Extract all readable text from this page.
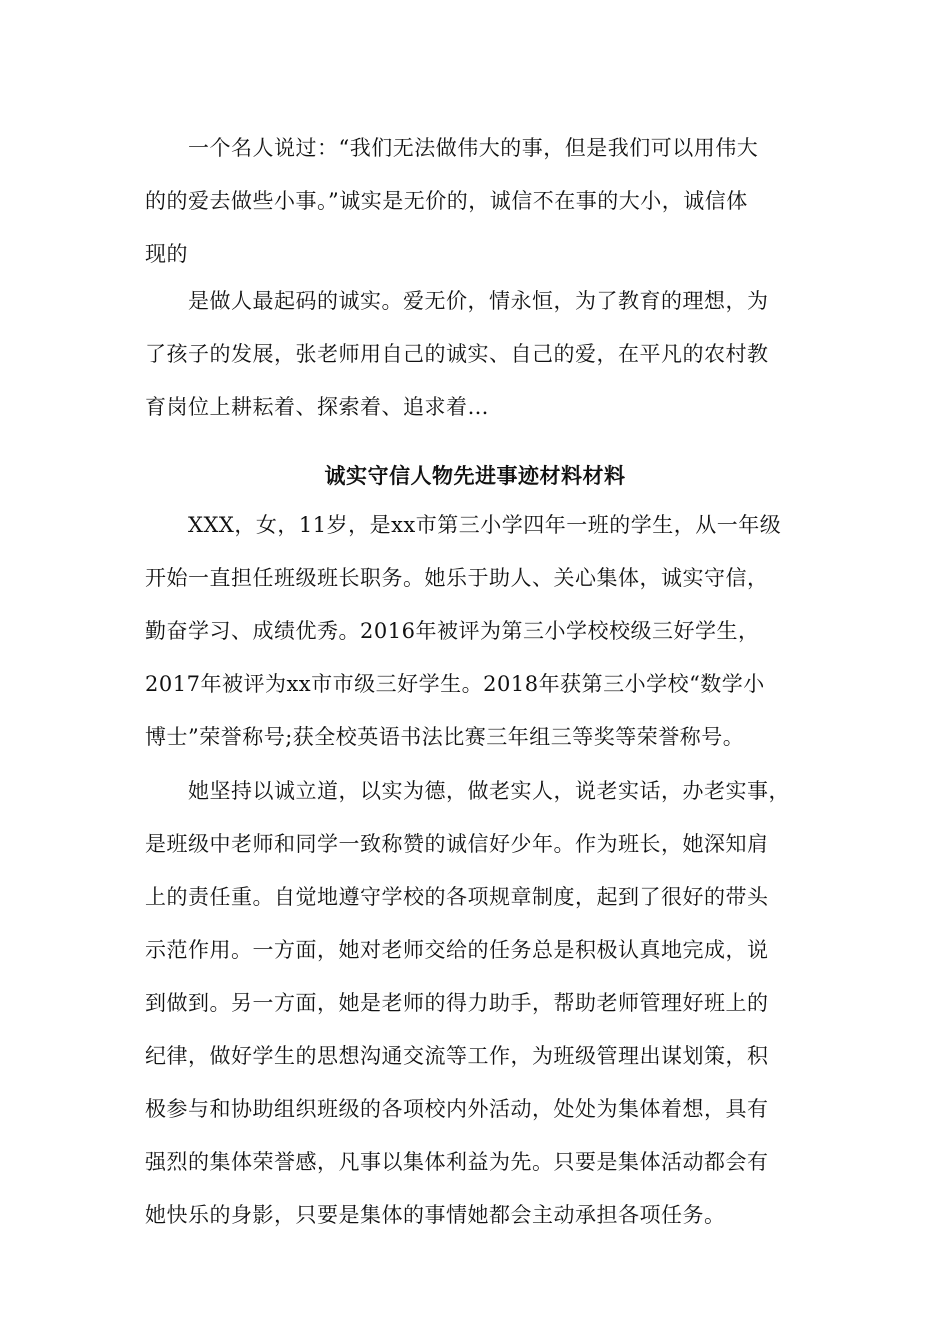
一个名人说过：“我们无法做伟大的事，但是我们可以用伟大
的的爱去做些小事。”诚实是无价的，诚信不在事的大小，诚信体
现的
是做人最起码的诚实。爱无价，情永恒，为了教育的理想，为
了孩子的发展，张老师用自己的诚实、自己的爱，在平凡的农村教
育岗位上耕耘着、探索着、追求着…
诚实守信人物先进事迹材料材料
XXX，女，11岁，是xx市第三小学四年一班的学生，从一年级
开始一直担任班级班长职务。她乐于助人、关心集体，诚实守信，
勤奋学习、成绩优秀。2016年被评为第三小学校校级三好学生，
2017年被评为xx市市级三好学生。2018年获第三小学校“数学小
博士”荣誉称号;获全校英语书法比赛三年组三等奖等荣誉称号。
她坚持以诚立道，以实为德，做老实人，说老实话，办老实事，
是班级中老师和同学一致称赞的诚信好少年。作为班长，她深知肩
上的责任重。自觉地遵守学校的各项规章制度，起到了很好的带头
示范作用。一方面，她对老师交给的任务总是积极认真地完成，说
到做到。另一方面，她是老师的得力助手，帮助老师管理好班上的
纪律，做好学生的思想沟通交流等工作，为班级管理出谋划策，积
极参与和协助组织班级的各项校内外活动，处处为集体着想，具有
强烈的集体荣誉感，凡事以集体利益为先。只要是集体活动都会有
她快乐的身影，只要是集体的事情她都会主动承担各项任务。
